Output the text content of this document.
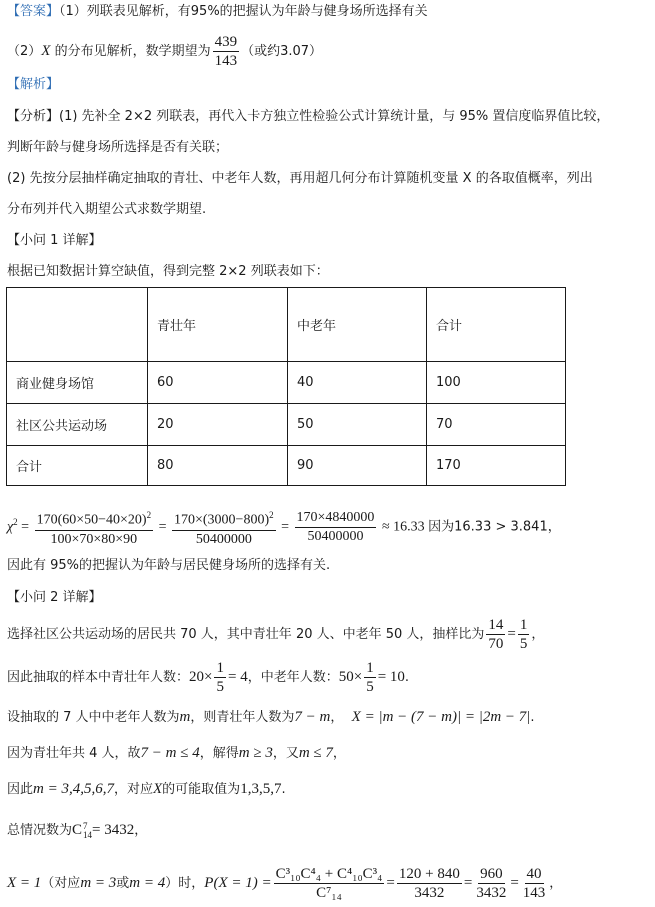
【答案】（1）列联表见解析，有95%的把握认为年龄与健身场所选择有关
（2）X 的分布见解析，数学期望为 $\frac{439}{143}$ （或约3.07）
【解析】
【分析】(1) 先补全 2×2 列联表，再代入卡方独立性检验公式计算统计量，与 95% 置信度临界值比较，
判断年龄与健身场所选择是否有关联；
(2) 先按分层抽样确定抽取的青壮、中老年人数，再用超几何分布计算随机变量 X 的各取值概率，列出
分布列并代入期望公式求数学期望.
【小问 1 详解】
根据已知数据计算空缺值，得到完整 2×2 列联表如下：
	青壮年	中老年	合计
商业健身场馆	60	40	100
社区公共运动场	20	50	70
合计	80	90	170
$\chi^2 = \frac{170(60\times 50-40\times 20)^2}{100\times 70\times 80\times 90} = \frac{170\times(3000-800)^2}{50400000} = \frac{170\times 4840000}{50400000} \approx 16.33$ 因为16.33 > 3.841，
因此有 95%的把握认为年龄与居民健身场所的选择有关.
【小问 2 详解】
选择社区公共运动场的居民共 70 人，其中青壮年 20 人、中老年 50 人，抽样比为 $\frac{14}{70} = \frac{1}{5}$ ，
因此抽取的样本中青壮年人数：$20\times \frac{1}{5} = 4$，中老年人数：$50\times \frac{1}{5} = 10$.
设抽取的 7 人中中老年人数为m，则青壮年人数为7 − m， X = |m − (7 − m)| = |2m − 7|.
因为青壮年共 4 人，故7 − m ≤ 4，解得m ≥ 3，又m ≤ 7，
因此m = 3,4,5,6,7，对应X的可能取值为1,3,5,7.
总情况数为C 7
14 = 3432，
X = 1（对应m = 3或m = 4）时，$P(X = 1) = \frac{\text{C³₁₀C⁴₄ + C⁴₁₀C³₄}}{\text{C⁷₁₄}} = \frac{120 + 840}{3432} = \frac{960}{3432} = \frac{40}{143}$ ，
